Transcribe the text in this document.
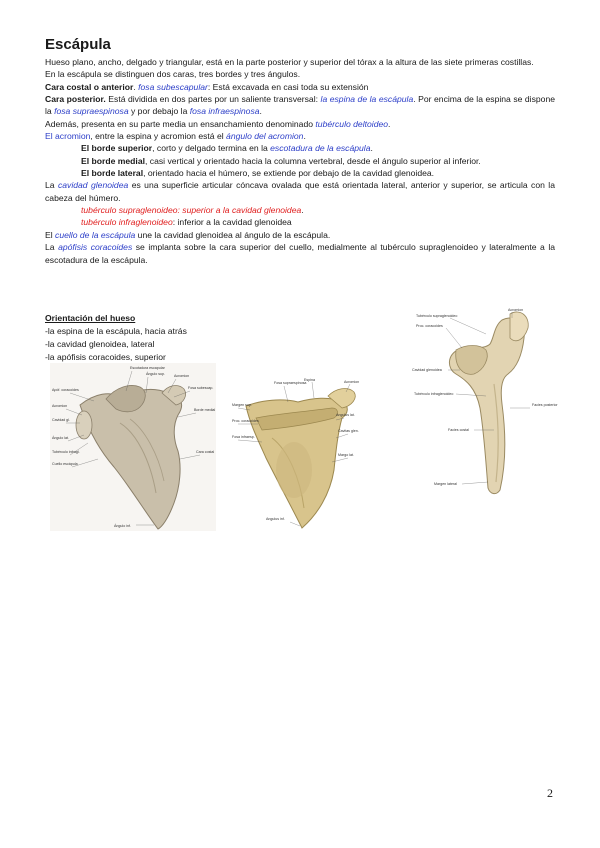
Escápula

Hueso plano, ancho, delgado y triangular, está en la parte posterior y superior del tórax a la altura de las siete primeras costillas.

En la escápula se distinguen dos caras, tres bordes y tres ángulos.

Cara costal o anterior. fosa subescapular: Está excavada en casi toda su extensión

Cara posterior. Está dividida en dos partes por un saliente transversal: la espina de la escápula. Por encima de la espina se dispone la fosa supraespinosa y por debajo la fosa infraespinosa.

Además, presenta en su parte media un ensanchamiento denominado tubérculo deltoideo.

El acromion, entre la espina y acromion está el ángulo del acromion.

El borde superior, corto y delgado termina en la escotadura de la escápula.

El borde medial, casi vertical y orientado hacia la columna vertebral, desde el ángulo superior al inferior.

El borde lateral, orientado hacia el húmero, se extiende por debajo de la cavidad glenoidea.

La cavidad glenoidea es una superficie articular cóncava ovalada que está orientada lateral, anterior y superior, se articula con la cabeza del húmero.

tubérculo supraglenoideo: superior a la cavidad glenoidea.

tubérculo infraglenoideo: inferior a la cavidad glenoidea

El cuello de la escápula une la cavidad glenoidea al ángulo de la escápula.

La apófisis coracoides se implanta sobre la cara superior del cuello, medialmente al tubérculo supraglenoideo y lateralmente a la escotadura de la escápula.

Orientación del hueso

-la espina de la escápula, hacia atrás

-la cavidad glenoidea, lateral

-la apófisis coracoides, superior

Escotadura escapular
Ángulo sup.	Acromion
Apóf. coracoides
Acromion
Cavidad gl.
Ángulo lat.
Tubérculo infragl.
Cuello escápula
Fosa subescap.
Borde medial
Cara costal
Ángulo inf.
Fosa supraespinosa
Espina	Acromion
Margen sup.
Proc. coracoides
Fosa infraesp.
Angulus lat.
Cavitas glen.
Margo lat.
Angulus inf.
Acromion
Tubérculo supraglenoideo
Proc. coracoides
Cavidad glenoidea
Tubérculo infraglenoideo
Facies posterior
Facies costal
Margen lateral
2
